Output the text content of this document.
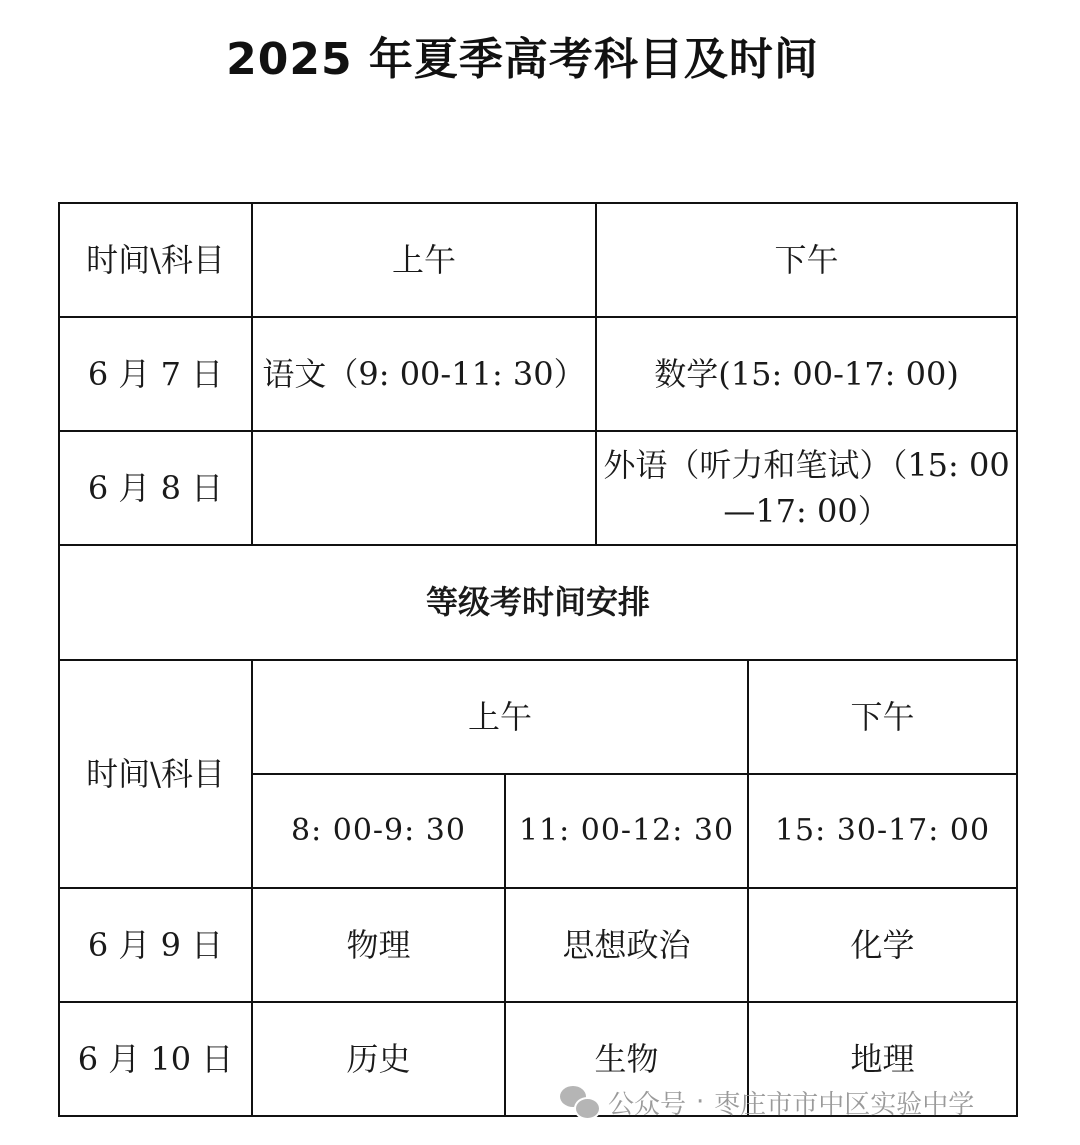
2025 年夏季高考科目及时间
时间\科目	上午		下午	
6 月 7 日	语文（9: 00-11: 30）		数学(15: 00-17: 00)	
6 月 8 日			外语（听力和笔试）（15: 00—17: 00）	
等级考时间安排				
时间\科目	上午			下午
	8: 00-9: 30	11: 00-12: 30		15: 30-17: 00
6 月 9 日	物理	思想政治		化学
6 月 10 日	历史	生物		地理
公众号 · 枣庄市市中区实验中学
